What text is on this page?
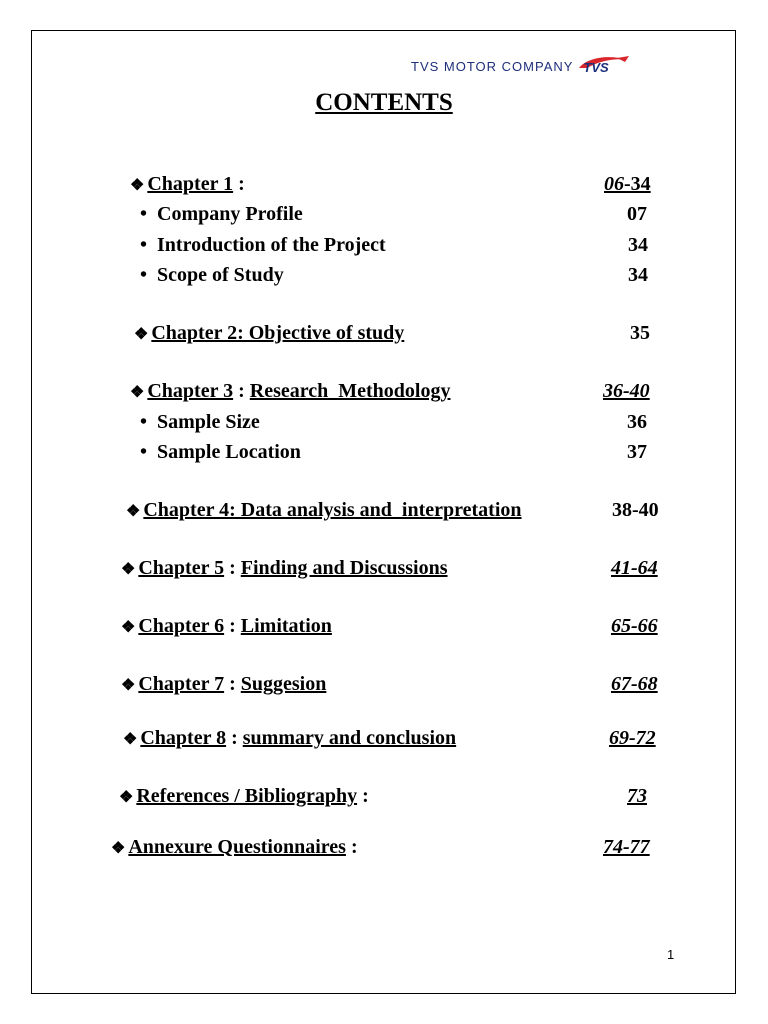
TVS MOTOR COMPANY TVS
CONTENTS
❖ Chapter 1 :	06-34
• Company Profile	07
• Introduction of the Project	34
• Scope of Study	34
❖ Chapter 2: Objective of study	35
❖ Chapter 3 : Research  Methodology	36-40
• Sample Size	36
• Sample Location	37
❖ Chapter 4: Data analysis and  interpretation	38-40
❖ Chapter 5 : Finding and Discussions	41-64
❖ Chapter 6 : Limitation	65-66
❖ Chapter 7 : Suggesion	67-68
❖ Chapter 8 : summary and conclusion	69-72
❖ References / Bibliography :	73
❖ Annexure Questionnaires :	74-77
1
